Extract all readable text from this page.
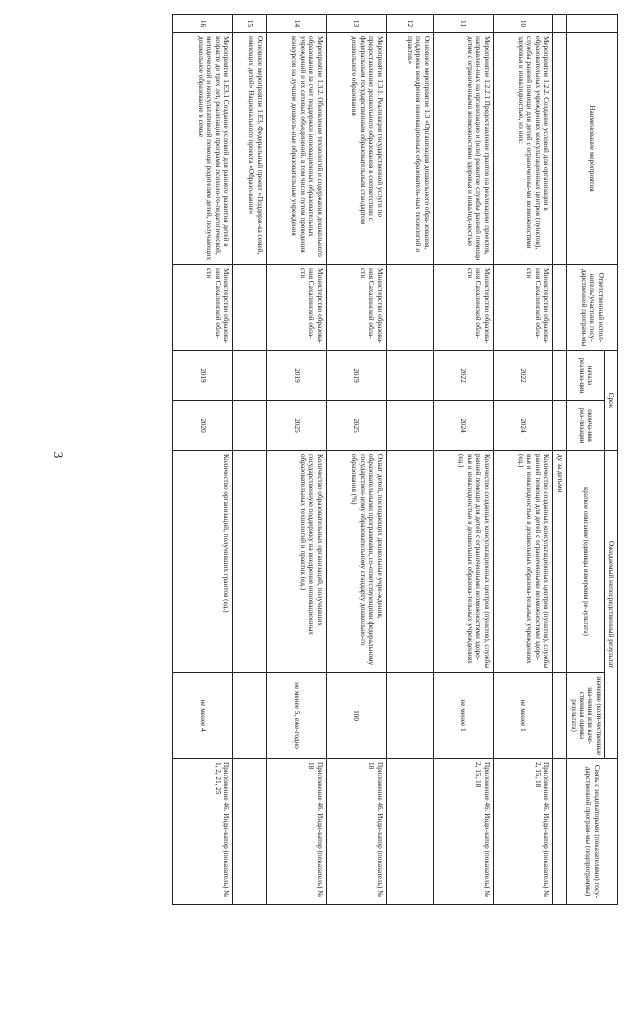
3
	Наименование мероприятия	Ответственный испол-нитель/участник госу-дарственной програм-мы	Срок		Ожидаемый непосредственный результат		Связь с индикаторами (показателями) госу-дарственной програм-мы (подпрограммы)
			начала реализа-ции	оконча-ния реа-лизации	краткое описание (единицы измерения ре-зультата)	значение (коли-чественные зна-чения или каче-ственная оценка результата)	
					ду за детьми		
10	Мероприятие 1.2.2. Создание условий для организации в образовательных учреждениях консультационных центров (пунктов), службы ранней помощи для детей с ограниченны-ми возможностями здоровья и инвалидностью, из них:	Министерство образова-ния Сахалинской обла-сти	2022	2024	Количество созданных консультационных центров (пунктов), службы ранней помощи для детей с ограниченными возможностями здоро-вья и инвалидностью в дошкольных образова-тельных учреждениях (ед.)	не менее 1	Приложение 46. Инди-катор (показатель) № 2, 15, 18
11	Мероприятие 1.2.2.1 Предоставление грантов на реализацию проектов, направлен-ных на организацию и (или) развитие службы ранней помощи детям с ограниченными возможностями здоровья и инвалид-ностью	Министерство образова-ния Сахалинской обла-сти	2022	2024	Количество созданных консультационных центров (пунктов), службы ранней помощи для детей с ограниченными возможностями здоро-вья и инвалидностью в дошкольных образова-тельных учреждениях (ед.)	не менее 1	Приложение 46. Инди-катор (показатель) № 2, 15, 18
12	Основное мероприятие 1.3 «Организация дошкольного обра-зования, поддержка внедрения инновационных образователь-ных технологий и практик»						
13	Мероприятие 1.3.1. Реализация государственной услуги по предоставлению дошкольного образования в соответствии с федеральным государственным образовательным стандартом дошкольного образования	Министерство образова-ния Сахалинской обла-сти	2019	2025	Охват детей, посещающих дошкольные учре-ждения, образовательными программами, со-ответствующими федеральному государствен-ному образовательному стандарту дошкольно-го образования (%)	100	Приложение 46. Инди-катор (показатель) № 18
14	Мероприятие 1.3.2. Обновление технологий и содержания дошкольного образования за счет поддержки инновационных образовательных учреждений и их сетевых объединений, в том числе путем проведения конкурсов на лучшие дошколь-ные образовательные учреждения	Министерство образова-ния Сахалинской обла-сти	2019	2025	Количество образовательных организаций, получивших государственную поддержку на внедрение инновационных образовательных технологий и практик (ед.)	не менее 5, еже-годно	Приложение 46. Инди-катор (показатель) № 18
15	Основное мероприятие 1.Е3. Федеральный проект «Поддерж-ка семей, имеющих детей» Национального проекта «Образо-вание»						
16	Мероприятие 1.Е3.1 Создание условий для раннего развития детей в возрасте до трех лет, реализация программ психоло-го-педагогической, методической и консультативной помощи родителям детей, получающих дошкольное образование в семье	Министерство образова-ния Сахалинской обла-сти	2019	2020	Количество организаций, получивших грантов (ед.)	не менее 4	Приложение 46. Инди-катор (показатель) № 1, 2, 21, 25
